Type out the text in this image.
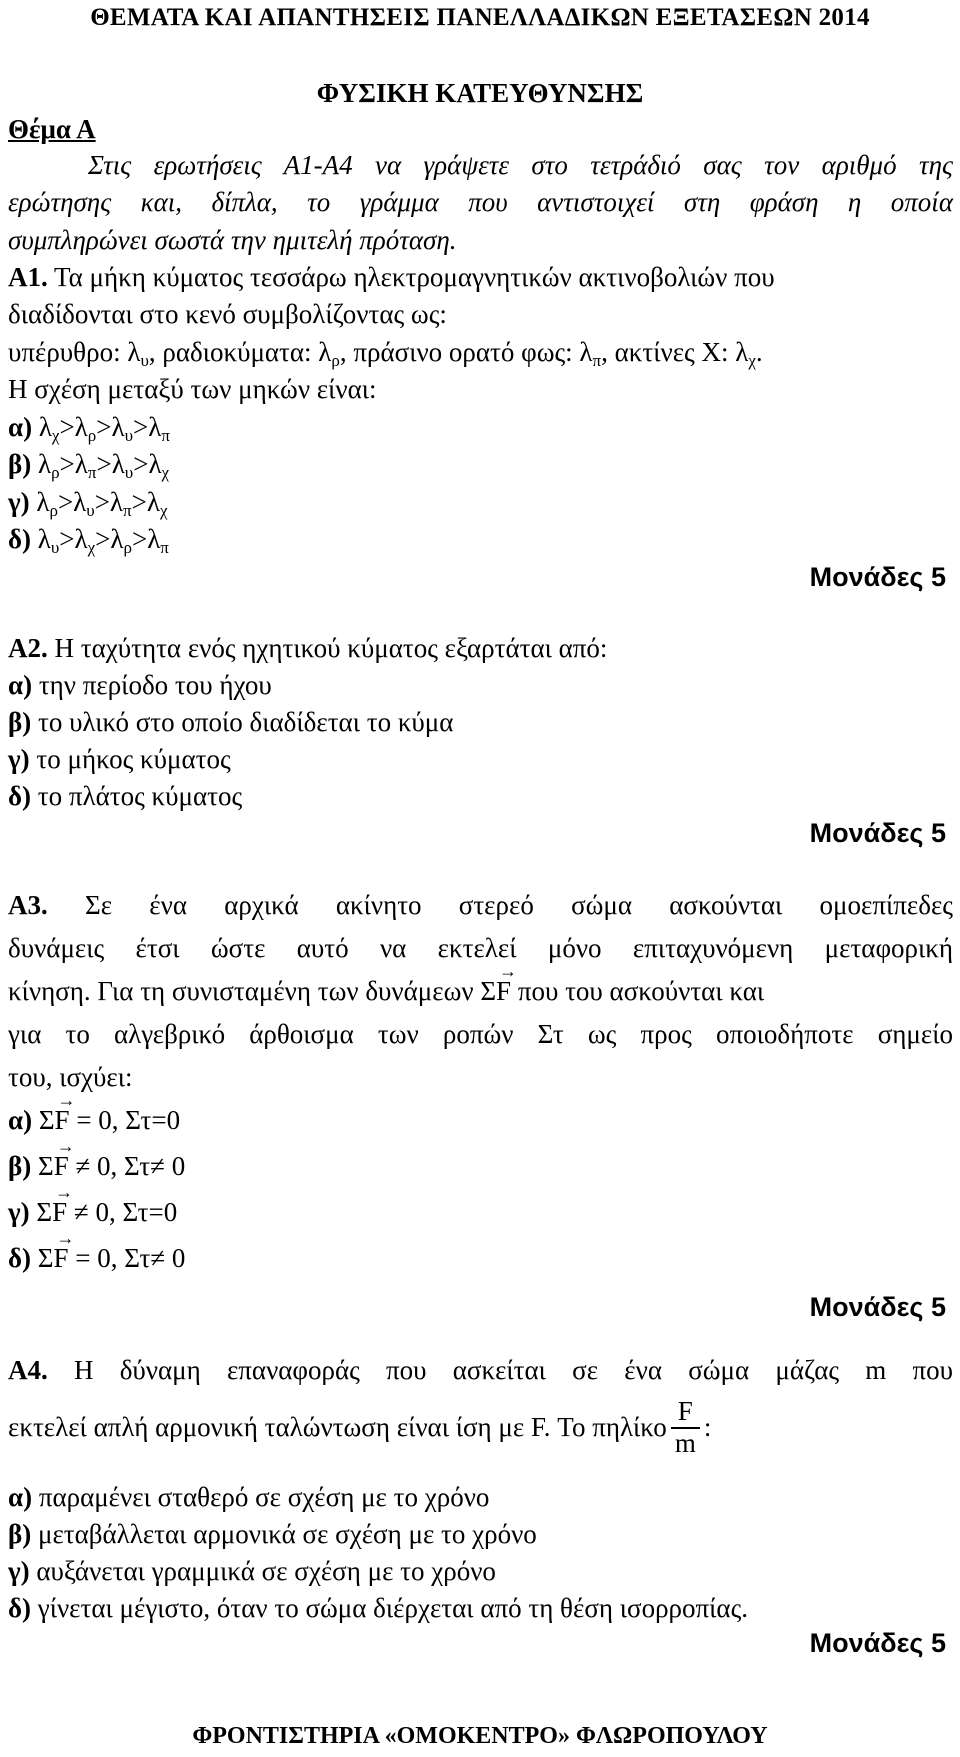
ΘΕΜΑΤΑ ΚΑΙ ΑΠΑΝΤΗΣΕΙΣ ΠΑΝΕΛΛΑΔΙΚΩΝ ΕΞΕΤΑΣΕΩΝ 2014
ΦΥΣΙΚΗ ΚΑΤΕΥΘΥΝΣΗΣ
Θέμα Α
Στις ερωτήσεις Α1-Α4 να γράψετε στο τετράδιό σας τον αριθμό της
ερώτησης και, δίπλα, το γράμμα που αντιστοιχεί στη φράση η οποία
συμπληρώνει σωστά την ημιτελή πρόταση.
Α1. Τα μήκη κύματος τεσσάρω ηλεκτρομαγνητικών ακτινοβολιών που
διαδίδονται στο κενό συμβολίζοντας ως:
υπέρυθρο: $\lambda_\upsilon$, ραδιοκύματα: $\lambda_\rho$, πράσινο ορατό φως: $\lambda_\pi$, ακτίνες Χ: $\lambda_\chi$.
Η σχέση μεταξύ των μηκών είναι:
α) $\lambda_\chi>\lambda_\rho>\lambda_\upsilon>\lambda_\pi$
β) $\lambda_\rho>\lambda_\pi>\lambda_\upsilon>\lambda_\chi$
γ) $\lambda_\rho>\lambda_\upsilon>\lambda_\pi>\lambda_\chi$
δ) $\lambda_\upsilon>\lambda_\chi>\lambda_\rho>\lambda_\pi$
Μονάδες 5
Α2. Η ταχύτητα ενός ηχητικού κύματος εξαρτάται από:
α) την περίοδο του ήχου
β) το υλικό στο οποίο διαδίδεται το κύμα
γ) το μήκος κύματος
δ) το πλάτος κύματος
Μονάδες 5
Α3. Σε ένα αρχικά ακίνητο στερεό σώμα ασκούνται ομοεπίπεδες
δυνάμεις έτσι ώστε αυτό να εκτελεί μόνο επιταχυνόμενη μεταφορική
κίνηση. Για τη συνισταμένη των δυνάμεων Σ
→
F που του ασκούνται και
για το αλγεβρικό άρθοισμα των ροπών Στ ως προς οποιοδήποτε σημείο
του, ισχύει:
α) Σ
→
F = 0, Στ=0
β) Σ
→
F ≠ 0, Στ≠ 0
γ) Σ
→
F ≠ 0, Στ=0
δ) Σ
→
F = 0, Στ≠ 0
Μονάδες 5
Α4. Η δύναμη επαναφοράς που ασκείται σε ένα σώμα μάζας m που
εκτελεί απλή αρμονική ταλώντωση είναι ίση με F. Το πηλίκο $\frac{F}{m}$ :
α) παραμένει σταθερό σε σχέση με το χρόνο
β) μεταβάλλεται αρμονικά σε σχέση με το χρόνο
γ) αυξάνεται γραμμικά σε σχέση με το χρόνο
δ) γίνεται μέγιστο, όταν το σώμα διέρχεται από τη θέση ισορροπίας.
Μονάδες 5
ΦΡΟΝΤΙΣΤΗΡΙΑ «ΟΜΟΚΕΝΤΡΟ» ΦΛΩΡΟΠΟΥΛΟΥ
